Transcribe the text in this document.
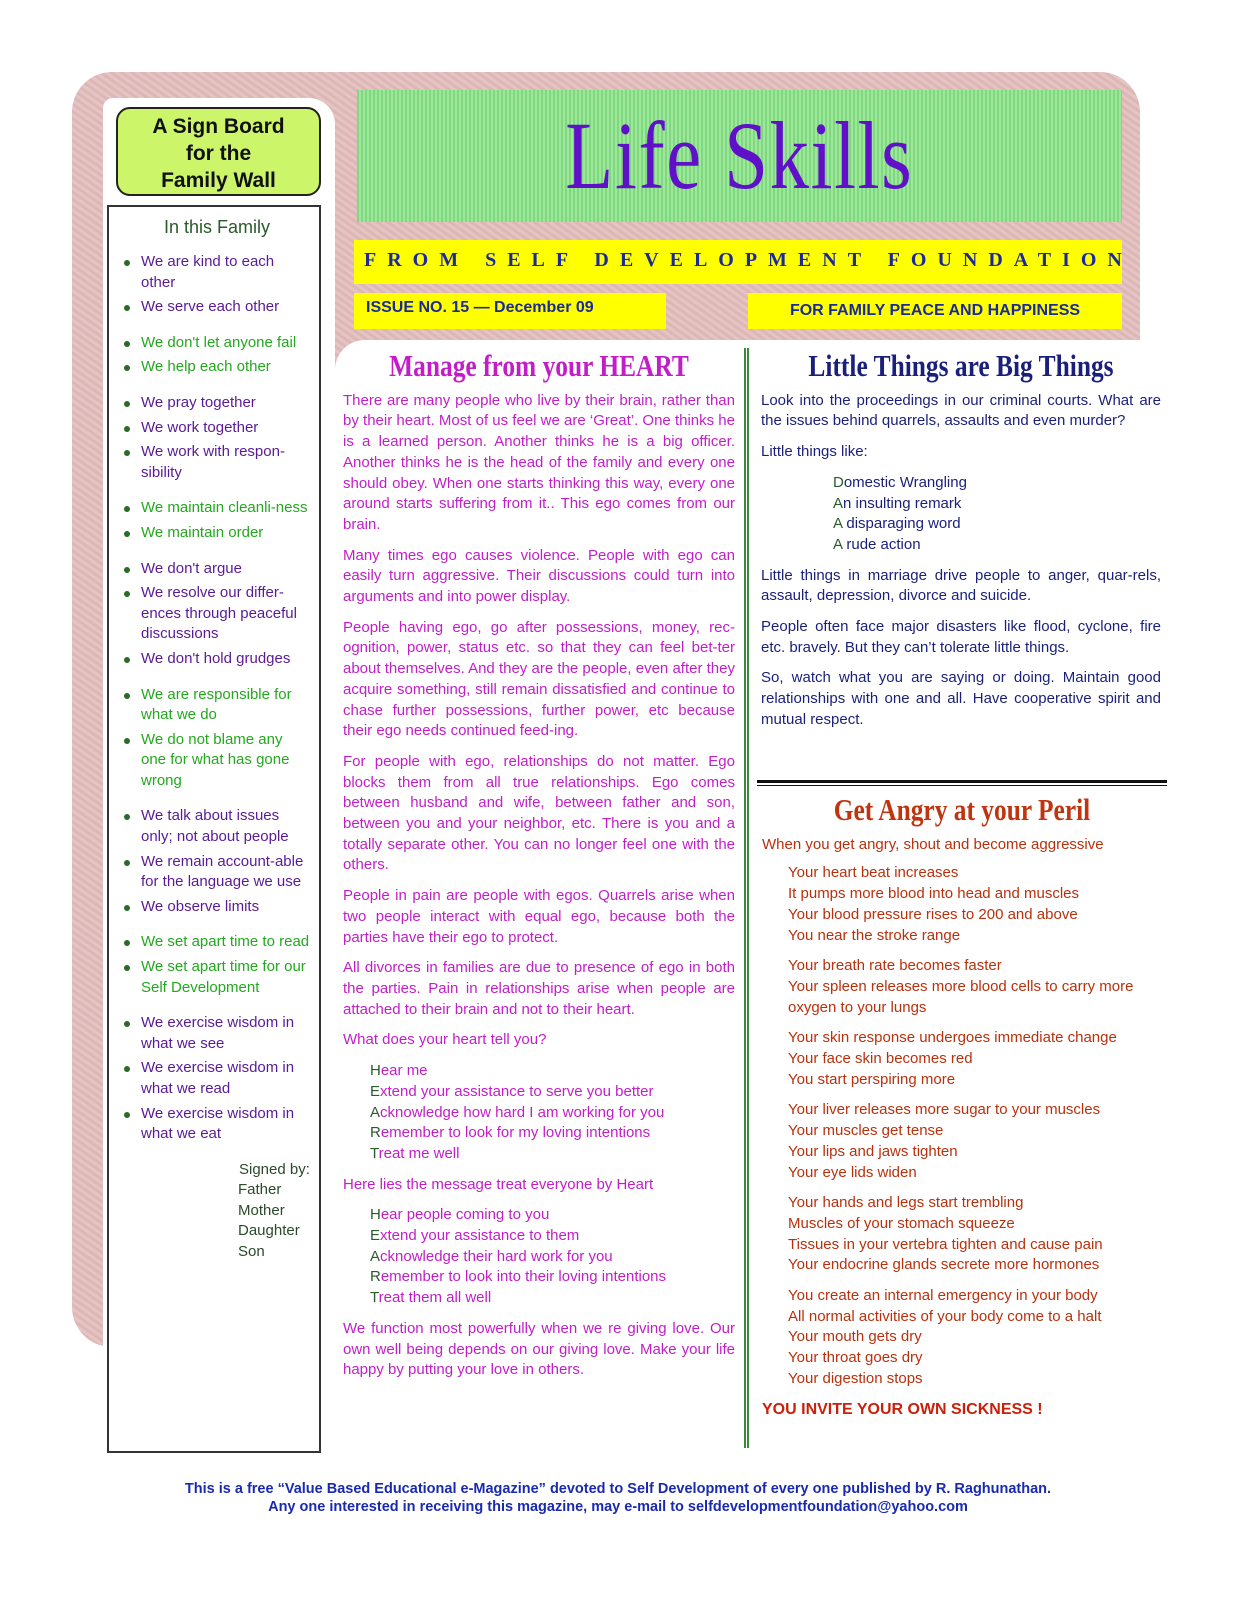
A Sign Board
for the
Family Wall
In this Family
We are kind to each other
We serve each other
We don't let anyone fail
We help each other
We pray together
We work together
We work with respon-sibility
We maintain cleanli-ness
We maintain order
We don't argue
We resolve our differ-ences through peaceful discussions
We don't hold grudges
We are responsible for what we do
We do not blame any one for what has gone wrong
We talk about issues only; not about people
We remain account-able for the language we use
We observe limits
We set apart time to read
We set apart time for our Self Development
We exercise wisdom in what we see
We exercise wisdom in what we read
We exercise wisdom in what we eat
Signed by:
Father
Mother
Daughter
Son
Life Skills
FROM SELF DEVELOPMENT FOUNDATION
ISSUE NO. 15 — December 09	FOR FAMILY PEACE AND HAPPINESS
Manage from your HEART

There are many people who live by their brain, rather than by their heart. Most of us feel we are ‘Great’. One thinks he is a learned person. Another thinks he is a big officer. Another thinks he is the head of the family and every one should obey. When one starts thinking this way, every one around starts suffering from it.. This ego comes from our brain.

Many times ego causes violence. People with ego can easily turn aggressive. Their discussions could turn into arguments and into power display.

People having ego, go after possessions, money, rec-ognition, power, status etc. so that they can feel bet-ter about themselves. And they are the people, even after they acquire something, still remain dissatisfied and continue to chase further possessions, further power, etc because their ego needs continued feed-ing.

For people with ego, relationships do not matter. Ego blocks them from all true relationships. Ego comes between husband and wife, between father and son, between you and your neighbor, etc. There is you and a totally separate other. You can no longer feel one with the others.

People in pain are people with egos. Quarrels arise when two people interact with equal ego, because both the parties have their ego to protect.

All divorces in families are due to presence of ego in both the parties. Pain in relationships arise when people are attached to their brain and not to their heart.

What does your heart tell you?

Hear me
Extend your assistance to serve you better
Acknowledge how hard I am working for you
Remember to look for my loving intentions
Treat me well

Here lies the message treat everyone by Heart

Hear people coming to you
Extend your assistance to them
Acknowledge their hard work for you
Remember to look into their loving intentions
Treat them all well

We function most powerfully when we re giving love. Our own well being depends on our giving love. Make your life happy by putting your love in others.

Little Things are Big Things

Look into the proceedings in our criminal courts. What are the issues behind quarrels, assaults and even murder?

Little things like:

Domestic Wrangling
An insulting remark
A disparaging word
A rude action

Little things in marriage drive people to anger, quar-rels, assault, depression, divorce and suicide.

People often face major disasters like flood, cyclone, fire etc. bravely. But they can’t tolerate little things.

So, watch what you are saying or doing. Maintain good relationships with one and all. Have cooperative spirit and mutual respect.

Get Angry at your Peril

When you get angry, shout and become aggressive

Your heart beat increases
It pumps more blood into head and muscles
Your blood pressure rises to 200 and above
You near the stroke range
Your breath rate becomes faster
Your spleen releases more blood cells to carry more oxygen to your lungs
Your skin response undergoes immediate change
Your face skin becomes red
You start perspiring more
Your liver releases more sugar to your muscles
Your muscles get tense
Your lips and jaws tighten
Your eye lids widen
Your hands and legs start trembling
Muscles of your stomach squeeze
Tissues in your vertebra tighten and cause pain
Your endocrine glands secrete more hormones
You create an internal emergency in your body
All normal activities of your body come to a halt
Your mouth gets dry
Your throat goes dry
Your digestion stops
YOU INVITE YOUR OWN SICKNESS !
This is a free “Value Based Educational e-Magazine” devoted to Self Development of every one published by R. Raghunathan.
Any one interested in receiving this magazine, may e-mail to selfdevelopmentfoundation@yahoo.com
